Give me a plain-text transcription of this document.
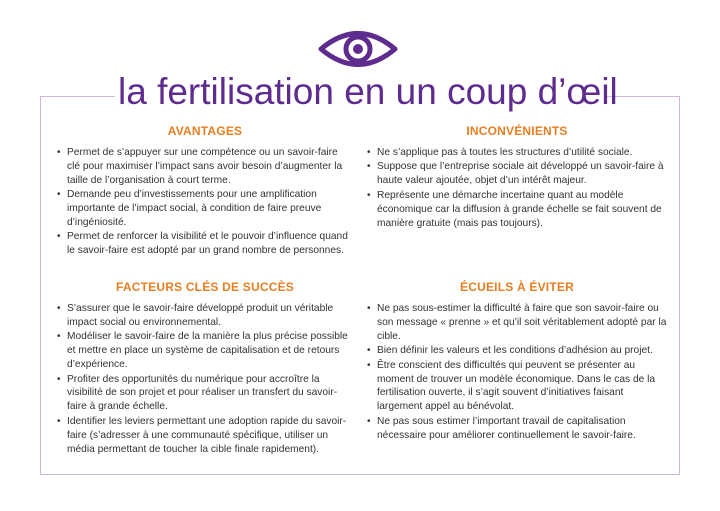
la fertilisation en un coup d’œil
AVANTAGES
• Permet de s’appuyer sur une compétence ou un savoir-faire clé pour maximiser l’impact sans avoir besoin d’augmenter la taille de l’organisation à court terme.
• Demande peu d’investissements pour une amplification importante de l’impact social, à condition de faire preuve d’ingéniosité.
• Permet de renforcer la visibilité et le pouvoir d’influence quand le savoir-faire est adopté par un grand nombre de personnes.
INCONVÉNIENTS
• Ne s’applique pas à toutes les structures d’utilité sociale.
• Suppose que l’entreprise sociale ait développé un savoir-faire à haute valeur ajoutée, objet d’un intérêt majeur.
• Représente une démarche incertaine quant au modèle économique car la diffusion à grande échelle se fait souvent de manière gratuite (mais pas toujours).
FACTEURS CLÉS DE SUCCÈS
• S’assurer que le savoir-faire développé produit un véritable impact social ou environnemental.
• Modéliser le savoir-faire de la manière la plus précise possible et mettre en place un système de capitalisation et de retours d’expérience.
• Profiter des opportunités du numérique pour accroître la visibilité de son projet et pour réaliser un transfert du savoir-faire à grande échelle.
• Identifier les leviers permettant une adoption rapide du savoir-faire (s’adresser à une communauté spécifique, utiliser un média permettant de toucher la cible finale rapidement).
ÉCUEILS À ÉVITER
• Ne pas sous-estimer la difficulté à faire que son savoir-faire ou son message « prenne » et qu’il soit véritablement adopté par la cible.
• Bien définir les valeurs et les conditions d’adhésion au projet.
• Être conscient des difficultés qui peuvent se présenter au moment de trouver un modèle économique. Dans le cas de la fertilisation ouverte, il s’agit souvent d’initiatives faisant largement appel au bénévolat.
• Ne pas sous estimer l’important travail de capitalisation nécessaire pour améliorer continuellement le savoir-faire.
